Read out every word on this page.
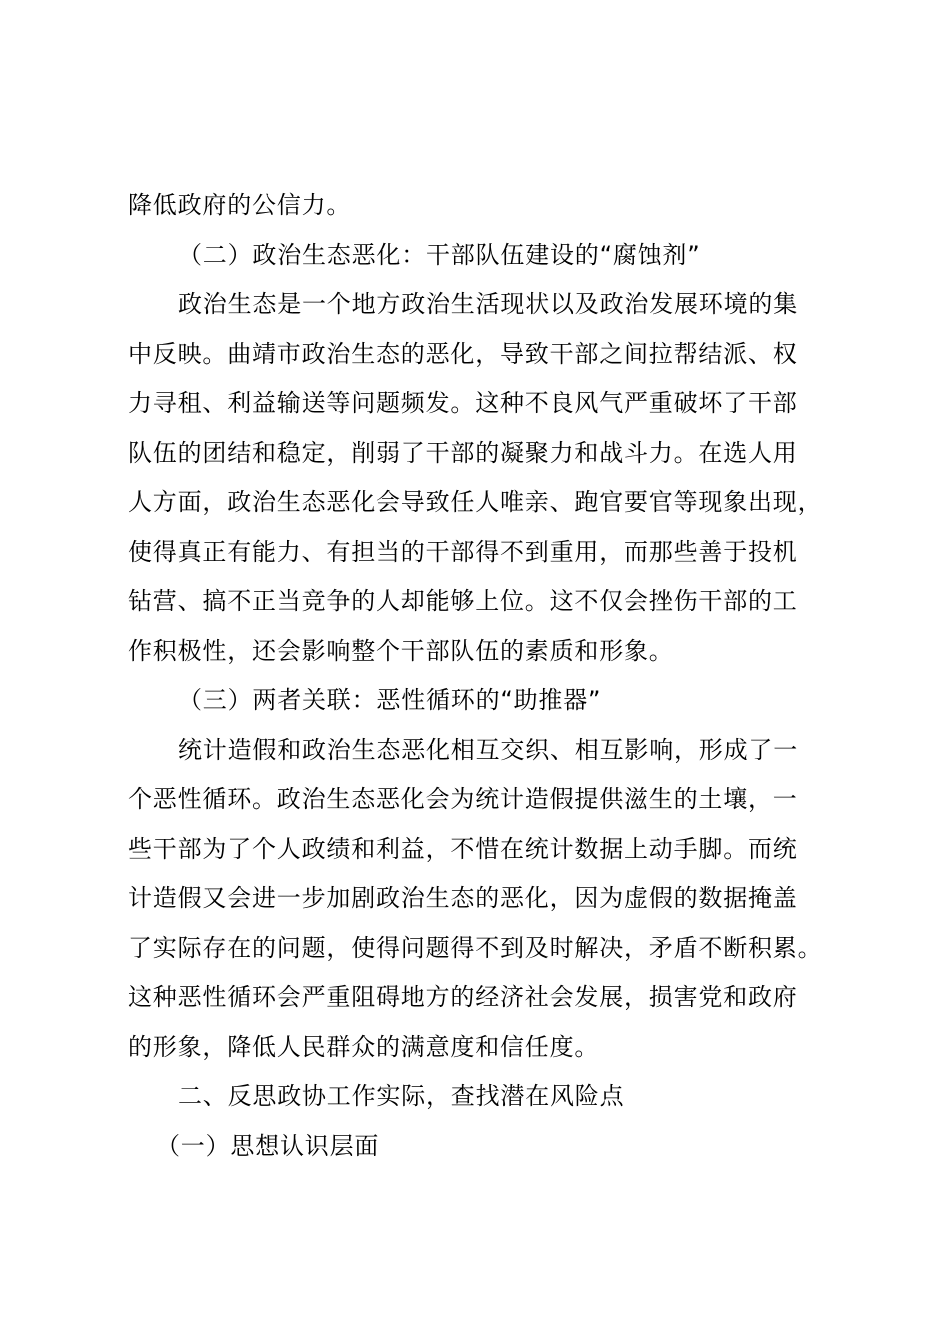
降低政府的公信力。
（二）政治生态恶化：干部队伍建设的“腐蚀剂”
政治生态是一个地方政治生活现状以及政治发展环境的集
中反映。曲靖市政治生态的恶化，导致干部之间拉帮结派、权
力寻租、利益输送等问题频发。这种不良风气严重破坏了干部
队伍的团结和稳定，削弱了干部的凝聚力和战斗力。在选人用
人方面，政治生态恶化会导致任人唯亲、跑官要官等现象出现，
使得真正有能力、有担当的干部得不到重用，而那些善于投机
钻营、搞不正当竞争的人却能够上位。这不仅会挫伤干部的工
作积极性，还会影响整个干部队伍的素质和形象。
（三）两者关联：恶性循环的“助推器”
统计造假和政治生态恶化相互交织、相互影响，形成了一
个恶性循环。政治生态恶化会为统计造假提供滋生的土壤，一
些干部为了个人政绩和利益，不惜在统计数据上动手脚。而统
计造假又会进一步加剧政治生态的恶化，因为虚假的数据掩盖
了实际存在的问题，使得问题得不到及时解决，矛盾不断积累。
这种恶性循环会严重阻碍地方的经济社会发展，损害党和政府
的形象，降低人民群众的满意度和信任度。
二、反思政协工作实际，查找潜在风险点
（一）思想认识层面
